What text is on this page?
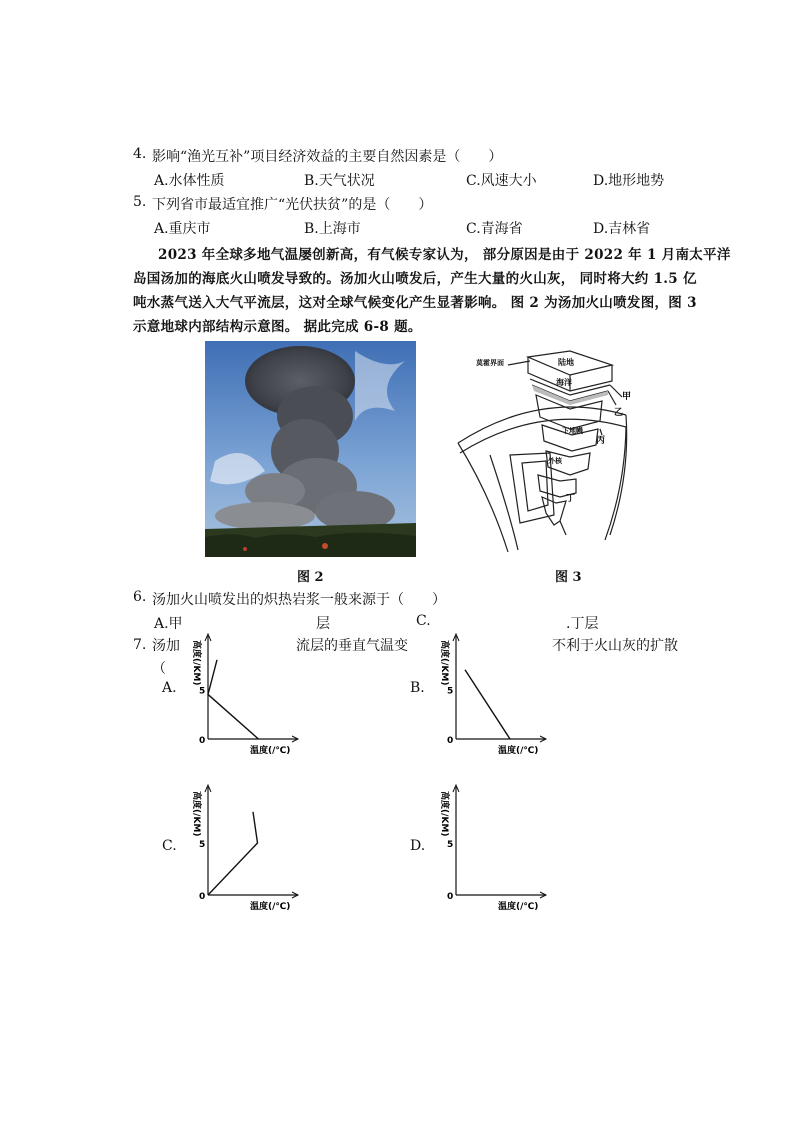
4. 影响“渔光互补”项目经济效益的主要自然因素是（　　）
A.水体性质	B.天气状况	C.风速大小	D.地形地势
5. 下列省市最适宜推广“光伏扶贫”的是（　　）
A.重庆市	B.上海市	C.青海省	D.吉林省
2023 年全球多地气温屡创新高，有气候专家认为， 部分原因是由于 2022 年 1 月南太平洋
岛国汤加的海底火山喷发导致的。汤加火山喷发后，产生大量的火山灰， 同时将大约 1.5 亿
吨水蒸气送入大气平流层，这对全球气候变化产生显著影响。 图 2 为汤加火山喷发图，图 3
示意地球内部结构示意图。 据此完成 6-8 题。
图 2
莫霍界面	陆地
海洋
甲
乙
下地幔
丙
外核
丁
图 3
6. 汤加火山喷发出的炽热岩浆一般来源于（　　）
A.甲	层	C.	.丁层
7. 汤加	流层的垂直气温变	不利于火山灰的扩散
（
0
5
高度(/KM)
温度(/℃)
0
5
高度(/KM)
温度(/℃)
0
5
高度(/KM)
温度(/℃)
0
5
高度(/KM)
温度(/℃)
A.	B.
C.	D.
